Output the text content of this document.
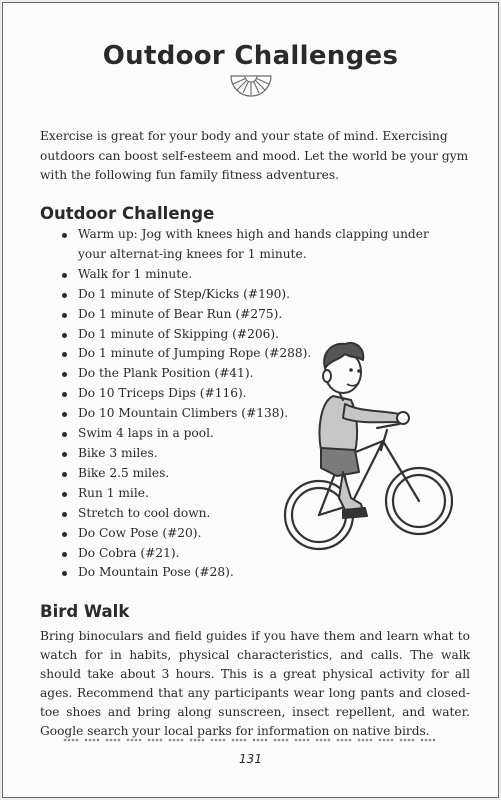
Outdoor Challenges

Exercise is great for your body and your state of mind. Exercising outdoors can boost self-esteem and mood. Let the world be your gym with the following fun family fitness adventures.

Outdoor Challenge
Warm up: Jog with knees high and hands clapping under your alternat-ing knees for 1 minute.
Walk for 1 minute.
Do 1 minute of Step/Kicks (#190).
Do 1 minute of Bear Run (#275).
Do 1 minute of Skipping (#206).
Do 1 minute of Jumping Rope (#288).
Do the Plank Position (#41).
Do 10 Triceps Dips (#116).
Do 10 Mountain Climbers (#138).
Swim 4 laps in a pool.
Bike 3 miles.
Bike 2.5 miles.
Run 1 mile.
Stretch to cool down.
Do Cow Pose (#20).
Do Cobra (#21).
Do Mountain Pose (#28).
Bird Walk

Bring binoculars and field guides if you have them and learn what to watch for in habits, physical characteristics, and calls. The walk should take about 3 hours. This is a great physical activity for all ages. Recommend that any participants wear long pants and closed-toe shoes and bring along sunscreen, insect repellent, and water. Google search your local parks for information on native birds.

131
